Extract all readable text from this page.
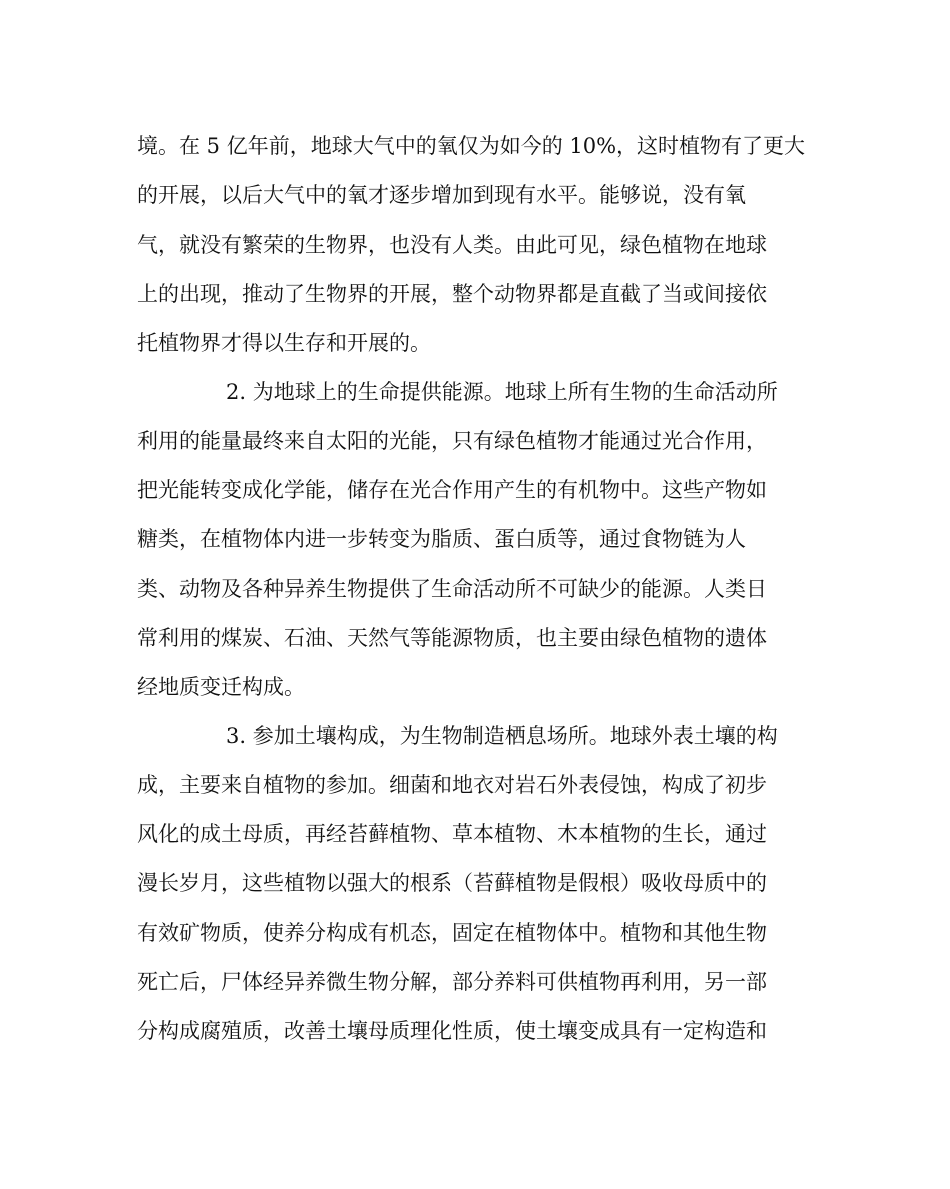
境。在 5 亿年前，地球大气中的氧仅为如今的 10%，这时植物有了更大

的开展，以后大气中的氧才逐步增加到现有水平。能够说，没有氧

气，就没有繁荣的生物界，也没有人类。由此可见，绿色植物在地球

上的出现，推动了生物界的开展，整个动物界都是直截了当或间接依

托植物界才得以生存和开展的。

2. 为地球上的生命提供能源。地球上所有生物的生命活动所

利用的能量最终来自太阳的光能，只有绿色植物才能通过光合作用，

把光能转变成化学能，储存在光合作用产生的有机物中。这些产物如

糖类，在植物体内进一步转变为脂质、蛋白质等，通过食物链为人

类、动物及各种异养生物提供了生命活动所不可缺少的能源。人类日

常利用的煤炭、石油、天然气等能源物质，也主要由绿色植物的遗体

经地质变迁构成。

3. 参加土壤构成，为生物制造栖息场所。地球外表土壤的构

成，主要来自植物的参加。细菌和地衣对岩石外表侵蚀，构成了初步

风化的成土母质，再经苔藓植物、草本植物、木本植物的生长，通过

漫长岁月，这些植物以强大的根系（苔藓植物是假根）吸收母质中的

有效矿物质，使养分构成有机态，固定在植物体中。植物和其他生物

死亡后，尸体经异养微生物分解，部分养料可供植物再利用，另一部

分构成腐殖质，改善土壤母质理化性质，使土壤变成具有一定构造和
